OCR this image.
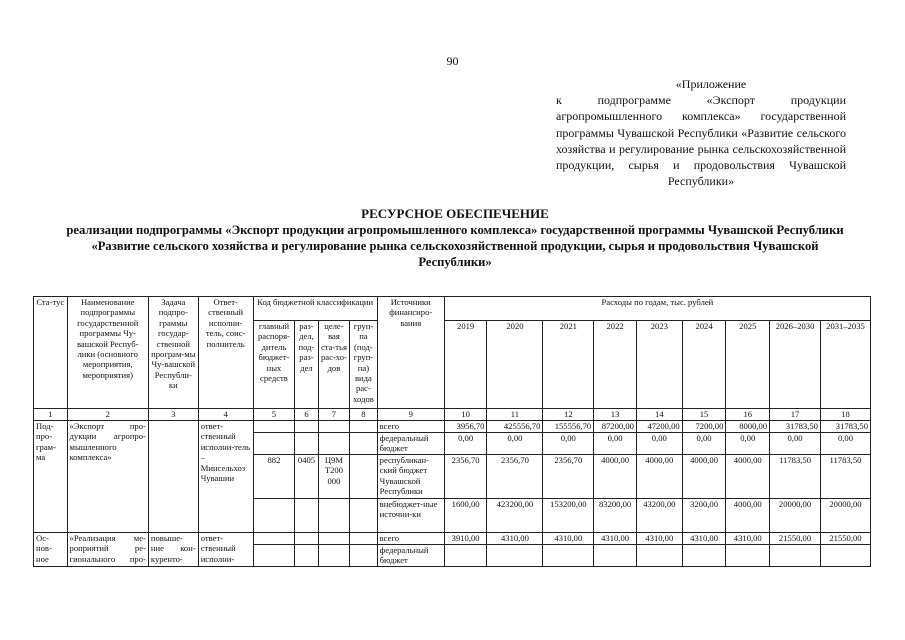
90
«Приложение
к подпрограмме «Экспорт продукции агропромышленного комплекса» государственной программы Чувашской Республики «Развитие сельского хозяйства и регулирование рынка сельскохозяйственной продукции, сырья и продовольствия Чувашской Республики»
РЕСУРСНОЕ ОБЕСПЕЧЕНИЕ
реализации подпрограммы «Экспорт продукции агропромышленного комплекса» государственной программы Чувашской Республики «Развитие сельского хозяйства и регулирование рынка сельскохозяйственной продукции, сырья и продовольствия Чувашской Республики»
Ста-тус	Наименование подпрограммы государственной программы Чу-вашской Респуб-лики (основного мероприятия, мероприятия)	Задача подпро-граммы государ-ственной програм-мы Чу-вашской Республи-ки	Ответ-ственный исполни-тель, соис-полнитель	Код бюджетной классификации				Источники финансиро-вания	Расходы по годам, тыс. рублей								
				главный распоря-дитель бюджет-ных средств	раз-дел, под-раз-дел	целе-вая ста-тья рас-хо-дов	груп-па (под-груп-па) вида рас-ходов		2019	2020	2021	2022	2023	2024	2025	2026–2030	2031–2035
1	2	3	4	5	6	7	8	9	10	11	12	13	14	15	16	17	18
Под-про-грам-ма	«Экспорт про-дукции агропро-мышленного комплекса»		ответ-ственный исполни-тель – Минсельхоз Чувашии					всего	3956,70	425556,70	155556,70	87200,00	47200,00	7200,00	8000,00	31783,50	31783,50
								федеральный бюджет	0,00	0,00	0,00	0,00	0,00	0,00	0,00	0,00	0,00
				882	0405	Ц9М T200 000		республикан-ский бюджет Чувашской Республики	2356,70	2356,70	2356,70	4000,00	4000,00	4000,00	4000,00	11783,50	11783,50
								внебюджет-ные источни-ки	1600,00	423200,00	153200,00	83200,00	43200,00	3200,00	4000,00	20000,00	20000,00
Ос-нов-ное	«Реализация ме-роприятий ре-гионального про-	повыше-ние кон-куренто-	ответ-ственный исполни-					всего	3910,00	4310,00	4310,00	4310,00	4310,00	4310,00	4310,00	21550,00	21550,00
								федеральный бюджет									
